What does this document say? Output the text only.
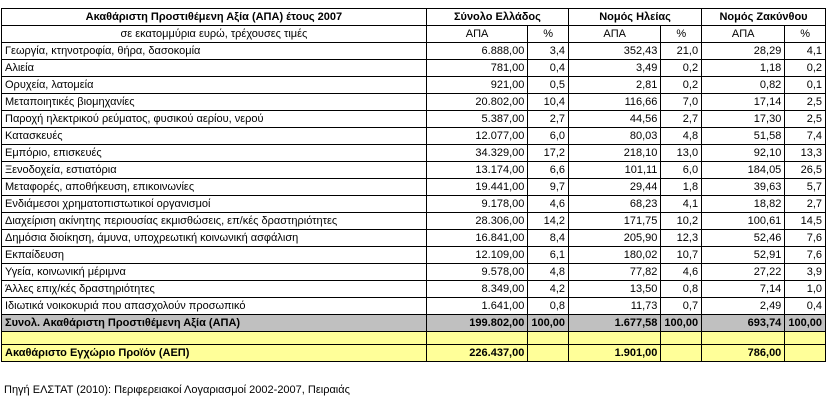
Ακαθάριστη Προστιθέμενη Αξία (ΑΠΑ) έτους 2007	Σύνολο Ελλάδος		Νομός Ηλείας		Νομός Ζακύνθου	
σε εκατομμύρια ευρώ, τρέχουσες τιμές	ΑΠΑ	%	ΑΠΑ	%	ΑΠΑ	%
Γεωργία, κτηνοτροφία, θήρα, δασοκομία	6.888,00	3,4	352,43	21,0	28,29	4,1
Αλιεία	781,00	0,4	3,49	0,2	1,18	0,2
Ορυχεία, λατομεία	921,00	0,5	2,81	0,2	0,82	0,1
Μεταποιητικές βιομηχανίες	20.802,00	10,4	116,66	7,0	17,14	2,5
Παροχή ηλεκτρικού ρεύματος, φυσικού αερίου, νερού	5.387,00	2,7	44,56	2,7	17,30	2,5
Κατασκευές	12.077,00	6,0	80,03	4,8	51,58	7,4
Εμπόριο, επισκευές	34.329,00	17,2	218,10	13,0	92,10	13,3
Ξενοδοχεία, εστιατόρια	13.174,00	6,6	101,11	6,0	184,05	26,5
Μεταφορές, αποθήκευση, επικοινωνίες	19.441,00	9,7	29,44	1,8	39,63	5,7
Ενδιάμεσοι χρηματοπιστωτικοί οργανισμοί	9.178,00	4,6	68,23	4,1	18,82	2,7
Διαχείριση ακίνητης περιουσίας εκμισθώσεις, επ/κές δραστηριότητες	28.306,00	14,2	171,75	10,2	100,61	14,5
Δημόσια διοίκηση, άμυνα, υποχρεωτική κοινωνική ασφάλιση	16.841,00	8,4	205,90	12,3	52,46	7,6
Εκπαίδευση	12.109,00	6,1	180,02	10,7	52,91	7,6
Υγεία, κοινωνική μέριμνα	9.578,00	4,8	77,82	4,6	27,22	3,9
Άλλες επιχ/κές δραστηριότητες	8.349,00	4,2	13,50	0,8	7,14	1,0
Ιδιωτικά νοικοκυριά που απασχολούν προσωπικό	1.641,00	0,8	11,73	0,7	2,49	0,4
Συνολ. Ακαθάριστη Προστιθέμενη Αξία (ΑΠΑ)	199.802,00	100,00	1.677,58	100,00	693,74	100,00

Ακαθάριστο Εγχώριο Προϊόν (ΑΕΠ)	226.437,00		1.901,00		786,00	
Πηγή ΕΛΣΤΑΤ (2010): Περιφερειακοί Λογαριασμοί 2002-2007, Πειραιάς
